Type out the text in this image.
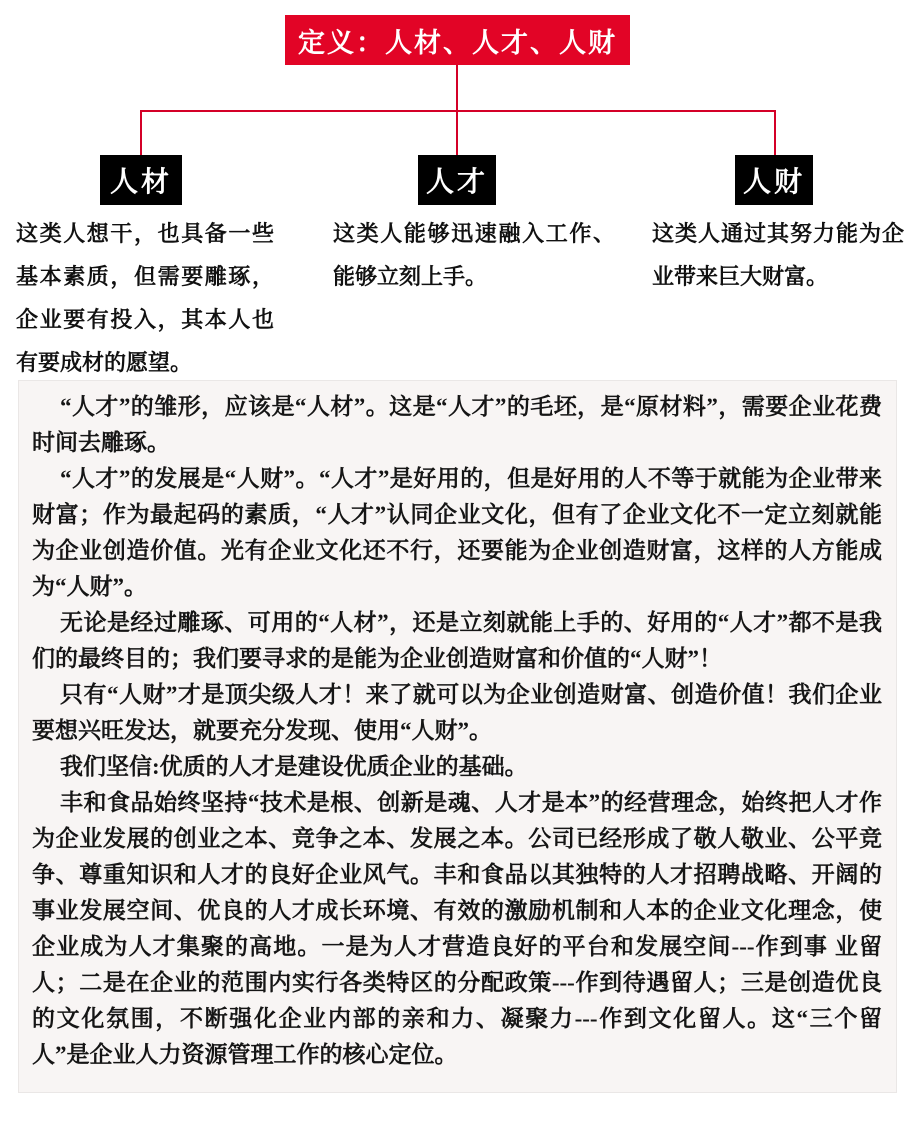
定义：人材、人才、人财
人材	人才	人财
这类人想干，也具备一些基本素质，但需要雕琢，企业要有投入，其本人也有要成材的愿望。
这类人能够迅速融入工作、能够立刻上手。
这类人通过其努力能为企业带来巨大财富。

“人才”的雏形，应该是“人材”。这是“人才”的毛坯，是“原材料”，需要企业花费时间去雕琢。

“人才”的发展是“人财”。“人才”是好用的，但是好用的人不等于就能为企业带来财富；作为最起码的素质，“人才”认同企业文化，但有了企业文化不一定立刻就能为企业创造价值。光有企业文化还不行，还要能为企业创造财富，这样的人方能成为“人财”。

无论是经过雕琢、可用的“人材”，还是立刻就能上手的、好用的“人才”都不是我们的最终目的；我们要寻求的是能为企业创造财富和价值的“人财”！

只有“人财”才是顶尖级人才！来了就可以为企业创造财富、创造价值！我们企业要想兴旺发达，就要充分发现、使用“人财”。

我们坚信:优质的人才是建设优质企业的基础。

丰和食品始终坚持“技术是根、创新是魂、人才是本”的经营理念，始终把人才作为企业发展的创业之本、竞争之本、发展之本。公司已经形成了敬人敬业、公平竞争、尊重知识和人才的良好企业风气。丰和食品以其独特的人才招聘战略、开阔的事业发展空间、优良的人才成长环境、有效的激励机制和人本的企业文化理念，使企业成为人才集聚的高地。一是为人才营造良好的平台和发展空间---作到事 业留人；二是在企业的范围内实行各类特区的分配政策---作到待遇留人；三是创造优良的文化氛围，不断强化企业内部的亲和力、凝聚力---作到文化留人。这“三个留人”是企业人力资源管理工作的核心定位。
